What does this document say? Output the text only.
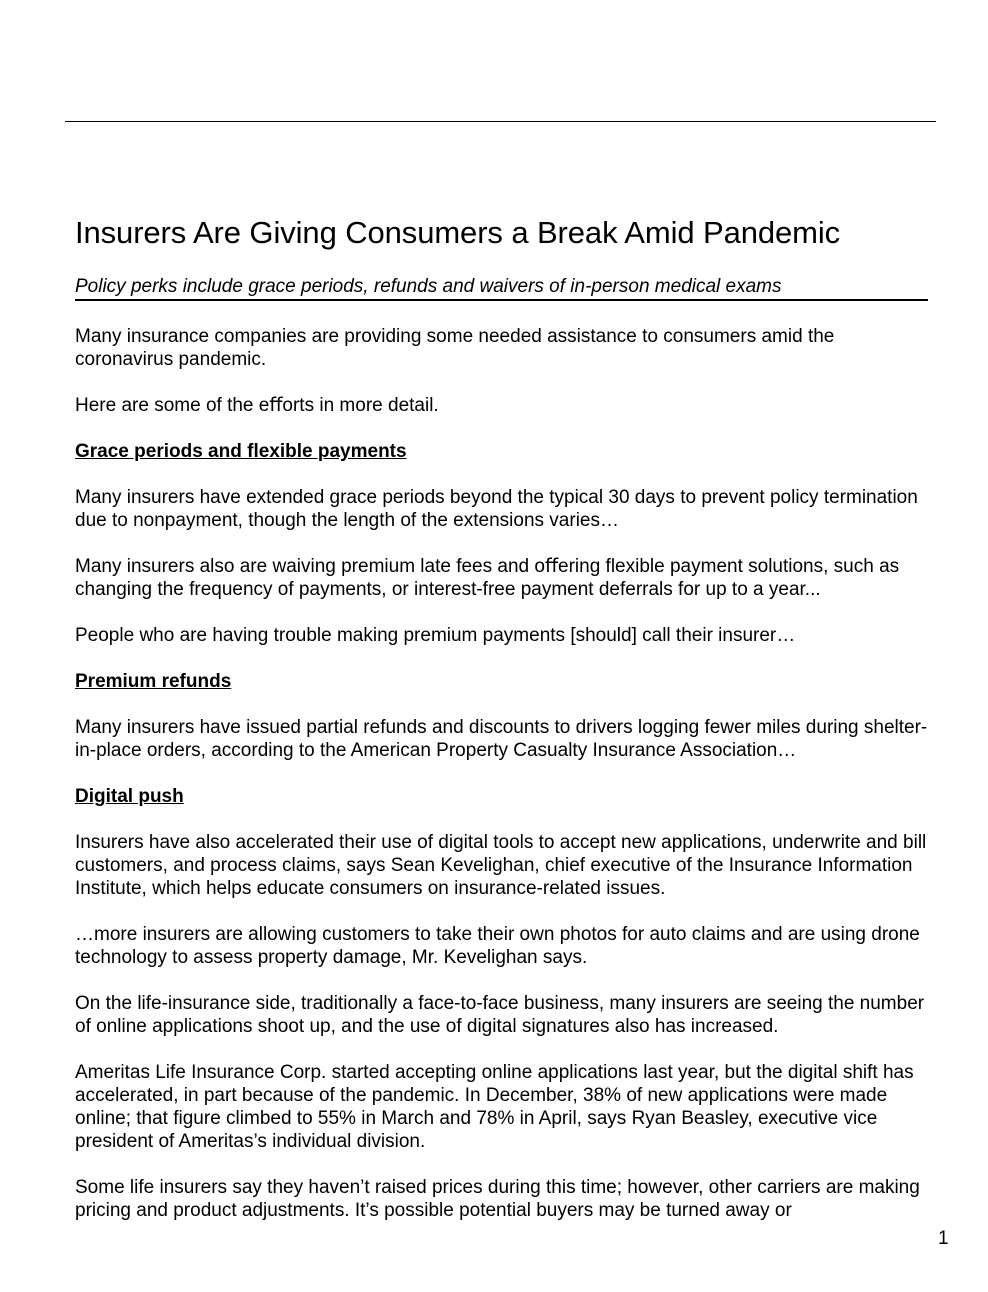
Insurers Are Giving Consumers a Break Amid Pandemic

Policy perks include grace periods, refunds and waivers of in-person medical exams

Many insurance companies are providing some needed assistance to consumers amid the coronavirus pandemic.

Here are some of the eﬀorts in more detail.

Grace periods and flexible payments

Many insurers have extended grace periods beyond the typical 30 days to prevent policy termination due to nonpayment, though the length of the extensions varies…

Many insurers also are waiving premium late fees and oﬀering flexible payment solutions, such as changing the frequency of payments, or interest-free payment deferrals for up to a year...

People who are having trouble making premium payments [should] call their insurer…

Premium refunds

Many insurers have issued partial refunds and discounts to drivers logging fewer miles during shelter-in-place orders, according to the American Property Casualty Insurance Association…

Digital push

Insurers have also accelerated their use of digital tools to accept new applications, underwrite and bill customers, and process claims, says Sean Kevelighan, chief executive of the Insurance Information Institute, which helps educate consumers on insurance-related issues.

…more insurers are allowing customers to take their own photos for auto claims and are using drone technology to assess property damage, Mr. Kevelighan says.

On the life-insurance side, traditionally a face-to-face business, many insurers are seeing the number of online applications shoot up, and the use of digital signatures also has increased.

Ameritas Life Insurance Corp. started accepting online applications last year, but the digital shift has accelerated, in part because of the pandemic. In December, 38% of new applications were made online; that figure climbed to 55% in March and 78% in April, says Ryan Beasley, executive vice president of Ameritas’s individual division.

Some life insurers say they haven’t raised prices during this time; however, other carriers are making pricing and product adjustments. It’s possible potential buyers may be turned away or

1
